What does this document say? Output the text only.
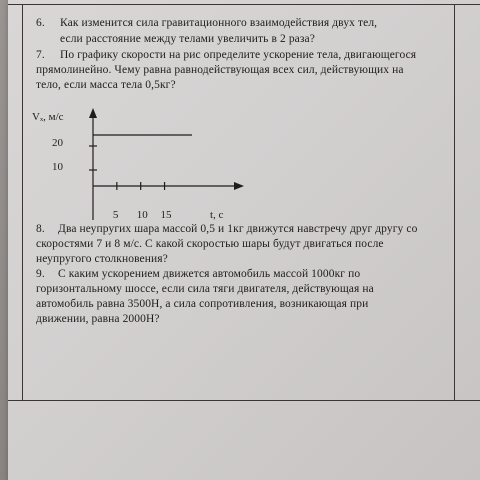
6. Как изменится сила гравитационного взаимодействия двух тел,
если расстояние между телами увеличить в 2 раза?
7. По графику скорости на рис определите ускорение тела, двигающегося
прямолинейно. Чему равна равнодействующая всех сил, действующих на
тело, если масса тела 0,5кг?
Vₓ, м/с
5 10 15
20
10
t, c
8. Два неупругих шара массой 0,5 и 1кг движутся навстречу друг другу со
скоростями 7 и 8 м/с. С какой скоростью шары будут двигаться после
неупругого столкновения?
9. С каким ускорением движется автомобиль массой 1000кг по
горизонтальному шоссе, если сила тяги двигателя, действующая на
автомобиль равна 3500Н, а сила сопротивления, возникающая при
движении, равна 2000Н?
